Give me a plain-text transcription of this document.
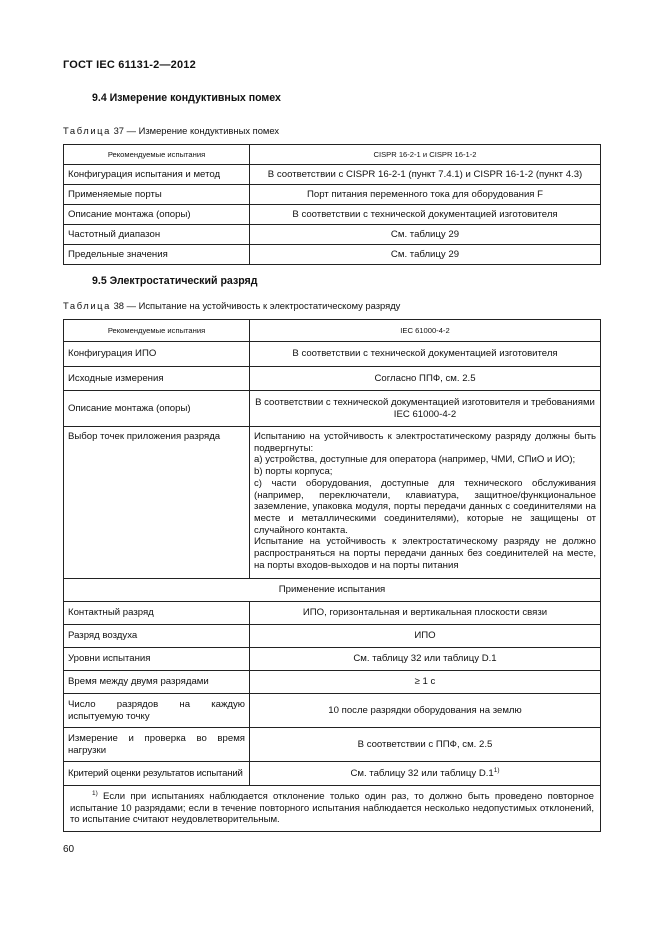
ГОСТ IEC 61131-2—2012
9.4 Измерение кондуктивных помех
Таблица 37 — Измерение кондуктивных помех
Рекомендуемые испытания	CISPR 16-2-1 и CISPR 16-1-2
Конфигурация испытания и метод	В соответствии с CISPR 16-2-1 (пункт 7.4.1) и CISPR 16-1-2 (пункт 4.3)
Применяемые порты	Порт питания переменного тока для оборудования F
Описание монтажа (опоры)	В соответствии с технической документацией изготовителя
Частотный диапазон	См. таблицу 29
Предельные значения	См. таблицу 29
9.5 Электростатический разряд
Таблица 38 — Испытание на устойчивость к электростатическому разряду
Рекомендуемые испытания	IEC 61000-4-2
Конфигурация ИПО	В соответствии с технической документацией изготовителя
Исходные измерения	Согласно ППФ, см. 2.5
Описание монтажа (опоры)	В соответствии с технической документацией изготовителя и требованиями IEC 61000-4-2
Выбор точек приложения разряда	Испытанию на устойчивость к электростатическому разряду должны быть подвергнуты:
а) устройства, доступные для оператора (например, ЧМИ, СПиО и ИО);
b) порты корпуса;
c) части оборудования, доступные для технического обслуживания (например, переключатели, клавиатура, защитное/функциональное заземление, упаковка модуля, порты передачи данных с соединителями на месте и металлическими соединителями), которые не защищены от случайного контакта.
Испытание на устойчивость к электростатическому разряду не должно распространяться на порты передачи данных без соединителей на месте, на порты входов-выходов и на порты питания

Применение испытания	
Контактный разряд	ИПО, горизонтальная и вертикальная плоскости связи
Разряд воздуха	ИПО
Уровни испытания	См. таблицу 32 или таблицу D.1
Время между двумя разрядами	≥ 1 с
Число разрядов на каждую испытуемую точку	10 после разрядки оборудования на землю
Измерение и проверка во время нагрузки	В соответствии с ППФ, см. 2.5
Критерий оценки результатов испытаний	См. таблицу 32 или таблицу D.1$^{1)}$
$^{1)}$ Если при испытаниях наблюдается отклонение только один раз, то должно быть проведено повторное испытание 10 разрядами; если в течение повторного испытания наблюдается несколько недопустимых отклонений, то испытание считают неудовлетворительным.	
60
